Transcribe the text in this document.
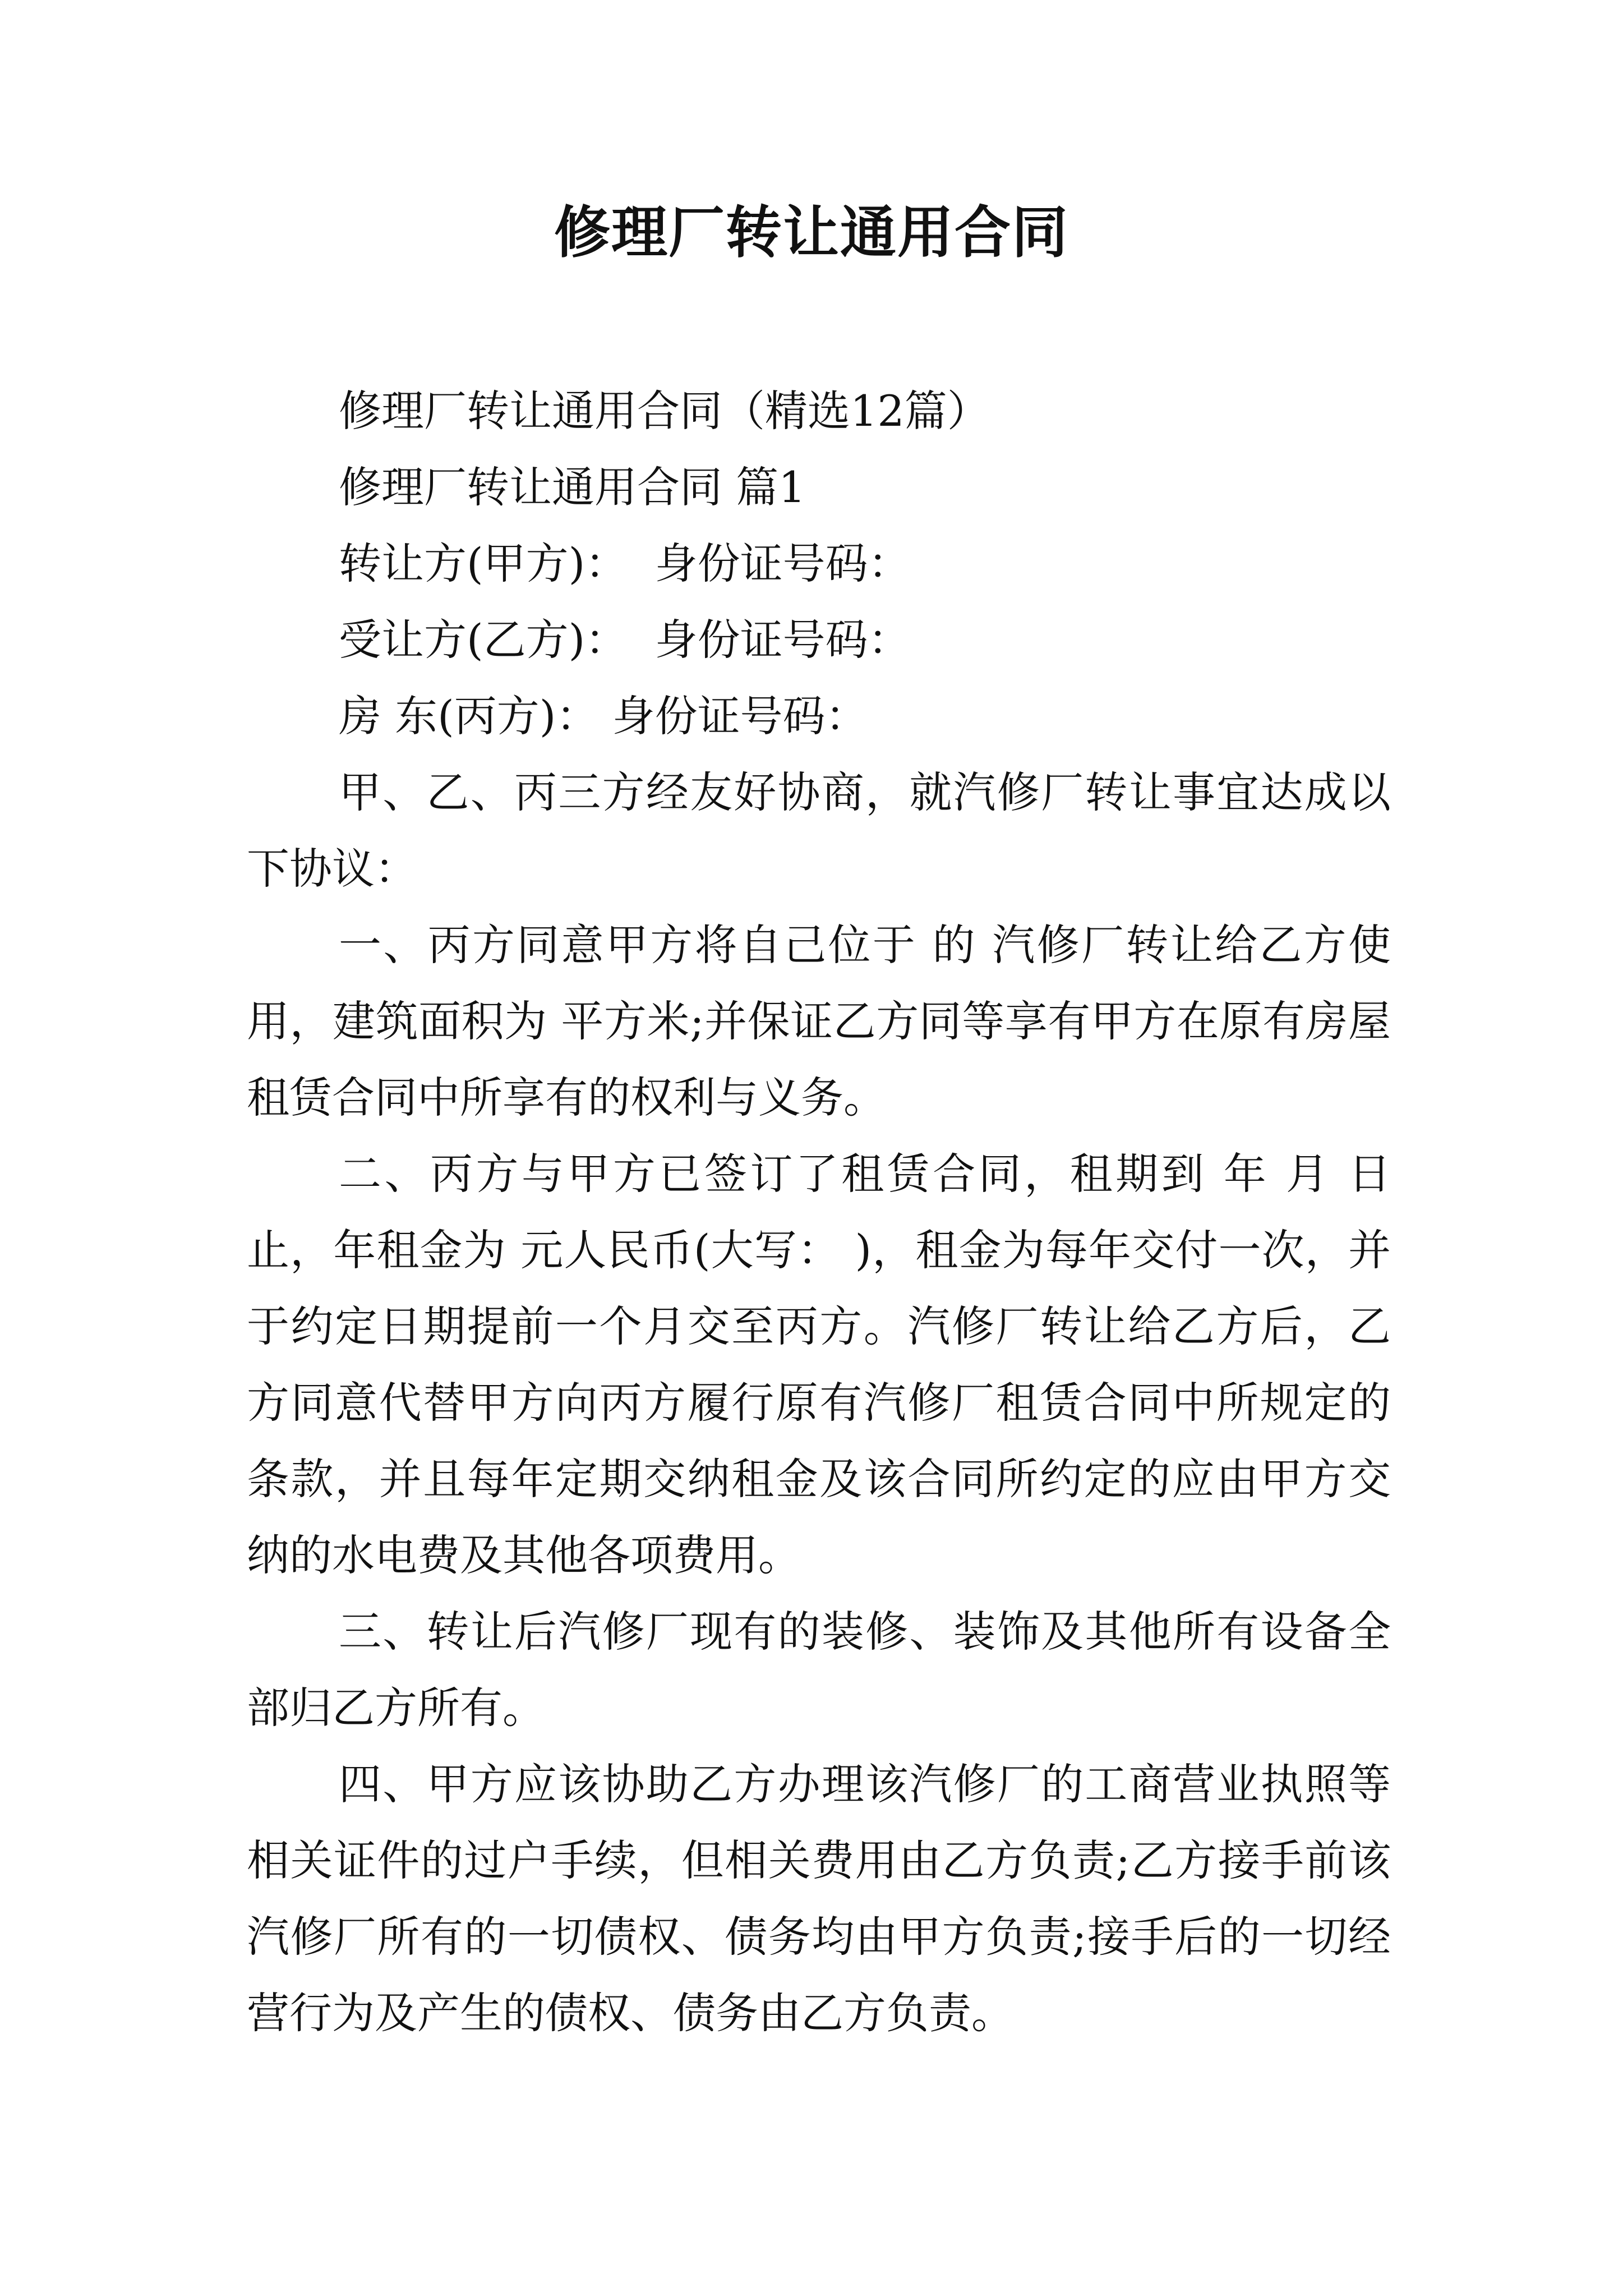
修理厂转让通用合同

修理厂转让通用合同（精选12篇）

修理厂转让通用合同 篇1

转让方(甲方)：  身份证号码：

受让方(乙方)：  身份证号码：

房 东(丙方)： 身份证号码：

甲、乙、丙三方经友好协商，就汽修厂转让事宜达成以下协议：

一、丙方同意甲方将自己位于 的 汽修厂转让给乙方使用，建筑面积为 平方米;并保证乙方同等享有甲方在原有房屋租赁合同中所享有的权利与义务。

二、丙方与甲方已签订了租赁合同，租期到 年 月 日止，年租金为 元人民币(大写： )，租金为每年交付一次，并于约定日期提前一个月交至丙方。汽修厂转让给乙方后，乙方同意代替甲方向丙方履行原有汽修厂租赁合同中所规定的条款，并且每年定期交纳租金及该合同所约定的应由甲方交纳的水电费及其他各项费用。

三、转让后汽修厂现有的装修、装饰及其他所有设备全部归乙方所有。

四、甲方应该协助乙方办理该汽修厂的工商营业执照等相关证件的过户手续，但相关费用由乙方负责;乙方接手前该汽修厂所有的一切债权、债务均由甲方负责;接手后的一切经营行为及产生的债权、债务由乙方负责。
